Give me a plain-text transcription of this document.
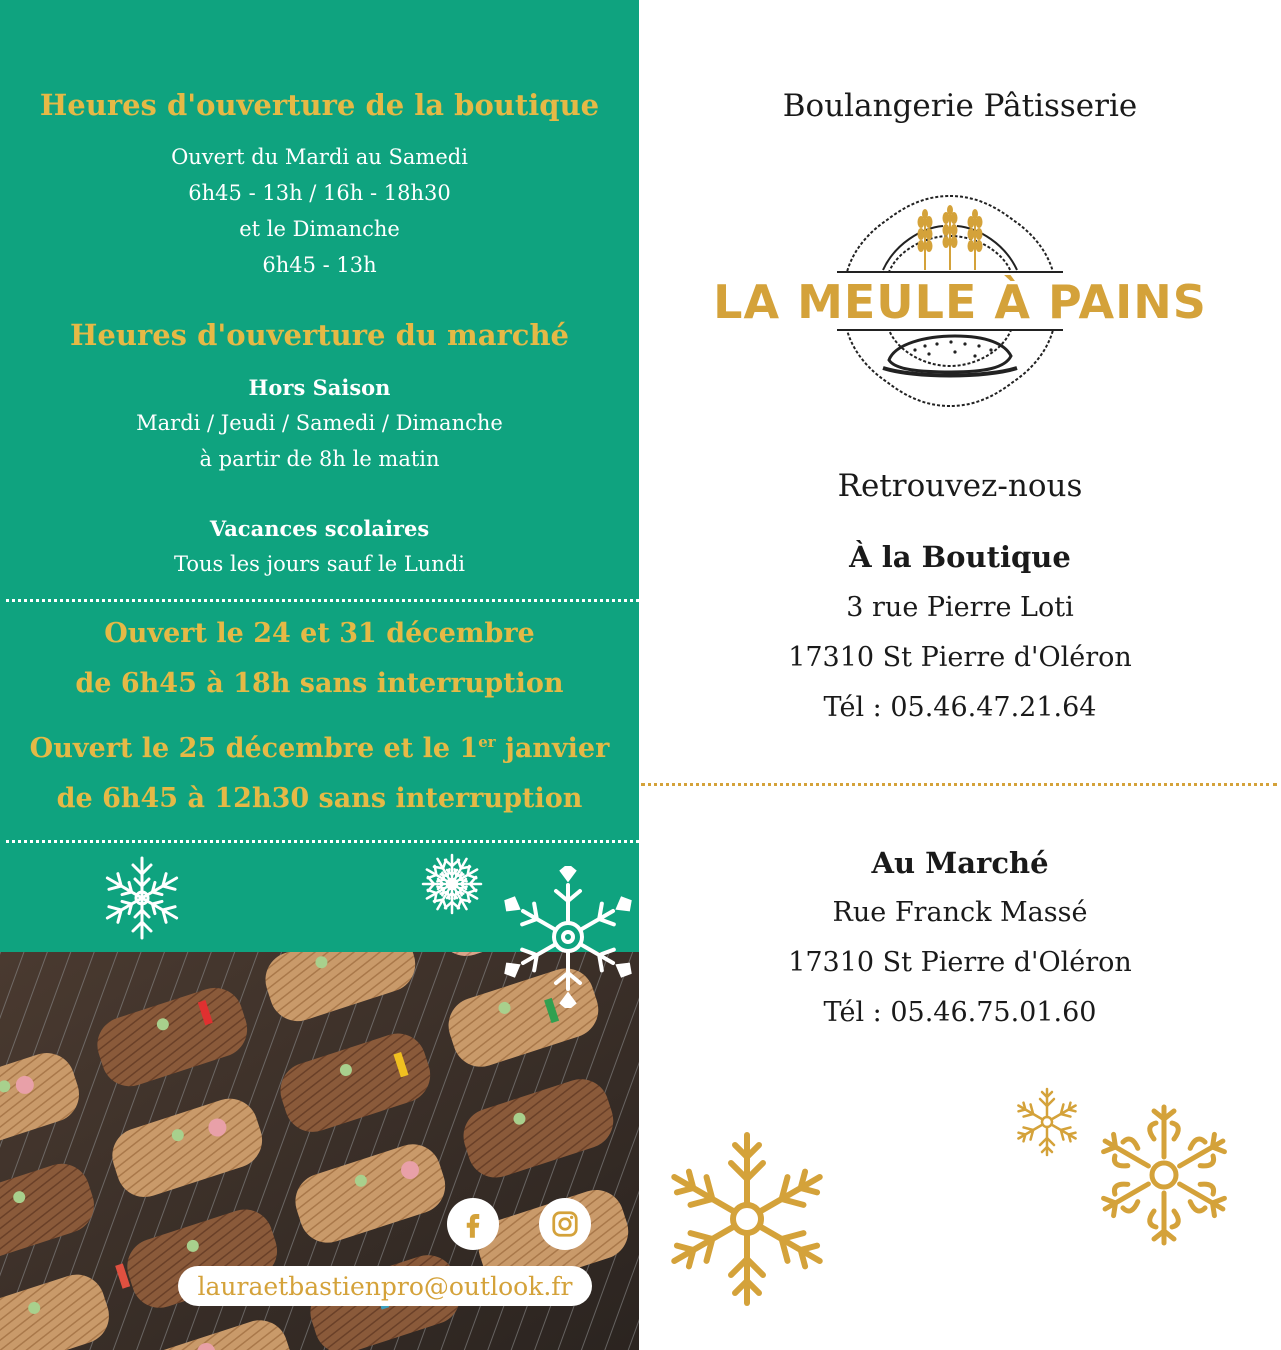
Heures d'ouverture de la boutique

Ouvert du Mardi au Samedi

6h45 - 13h / 16h - 18h30

et le Dimanche

6h45 - 13h

Heures d'ouverture du marché

Hors Saison

Mardi / Jeudi / Samedi / Dimanche

à partir de 8h le matin

Vacances scolaires

Tous les jours sauf le Lundi

Ouvert le 24 et 31 décembre

de 6h45 à 18h sans interruption

Ouvert le 25 décembre et le 1er janvier

de 6h45 à 12h30 sans interruption

lauraetbastienpro@outlook.fr

Boulangerie Pâtisserie

LA MEULE À PAINS

Retrouvez-nous

À la Boutique

3 rue Pierre Loti

17310 St Pierre d'Oléron

Tél : 05.46.47.21.64

Au Marché

Rue Franck Massé

17310 St Pierre d'Oléron

Tél : 05.46.75.01.60
